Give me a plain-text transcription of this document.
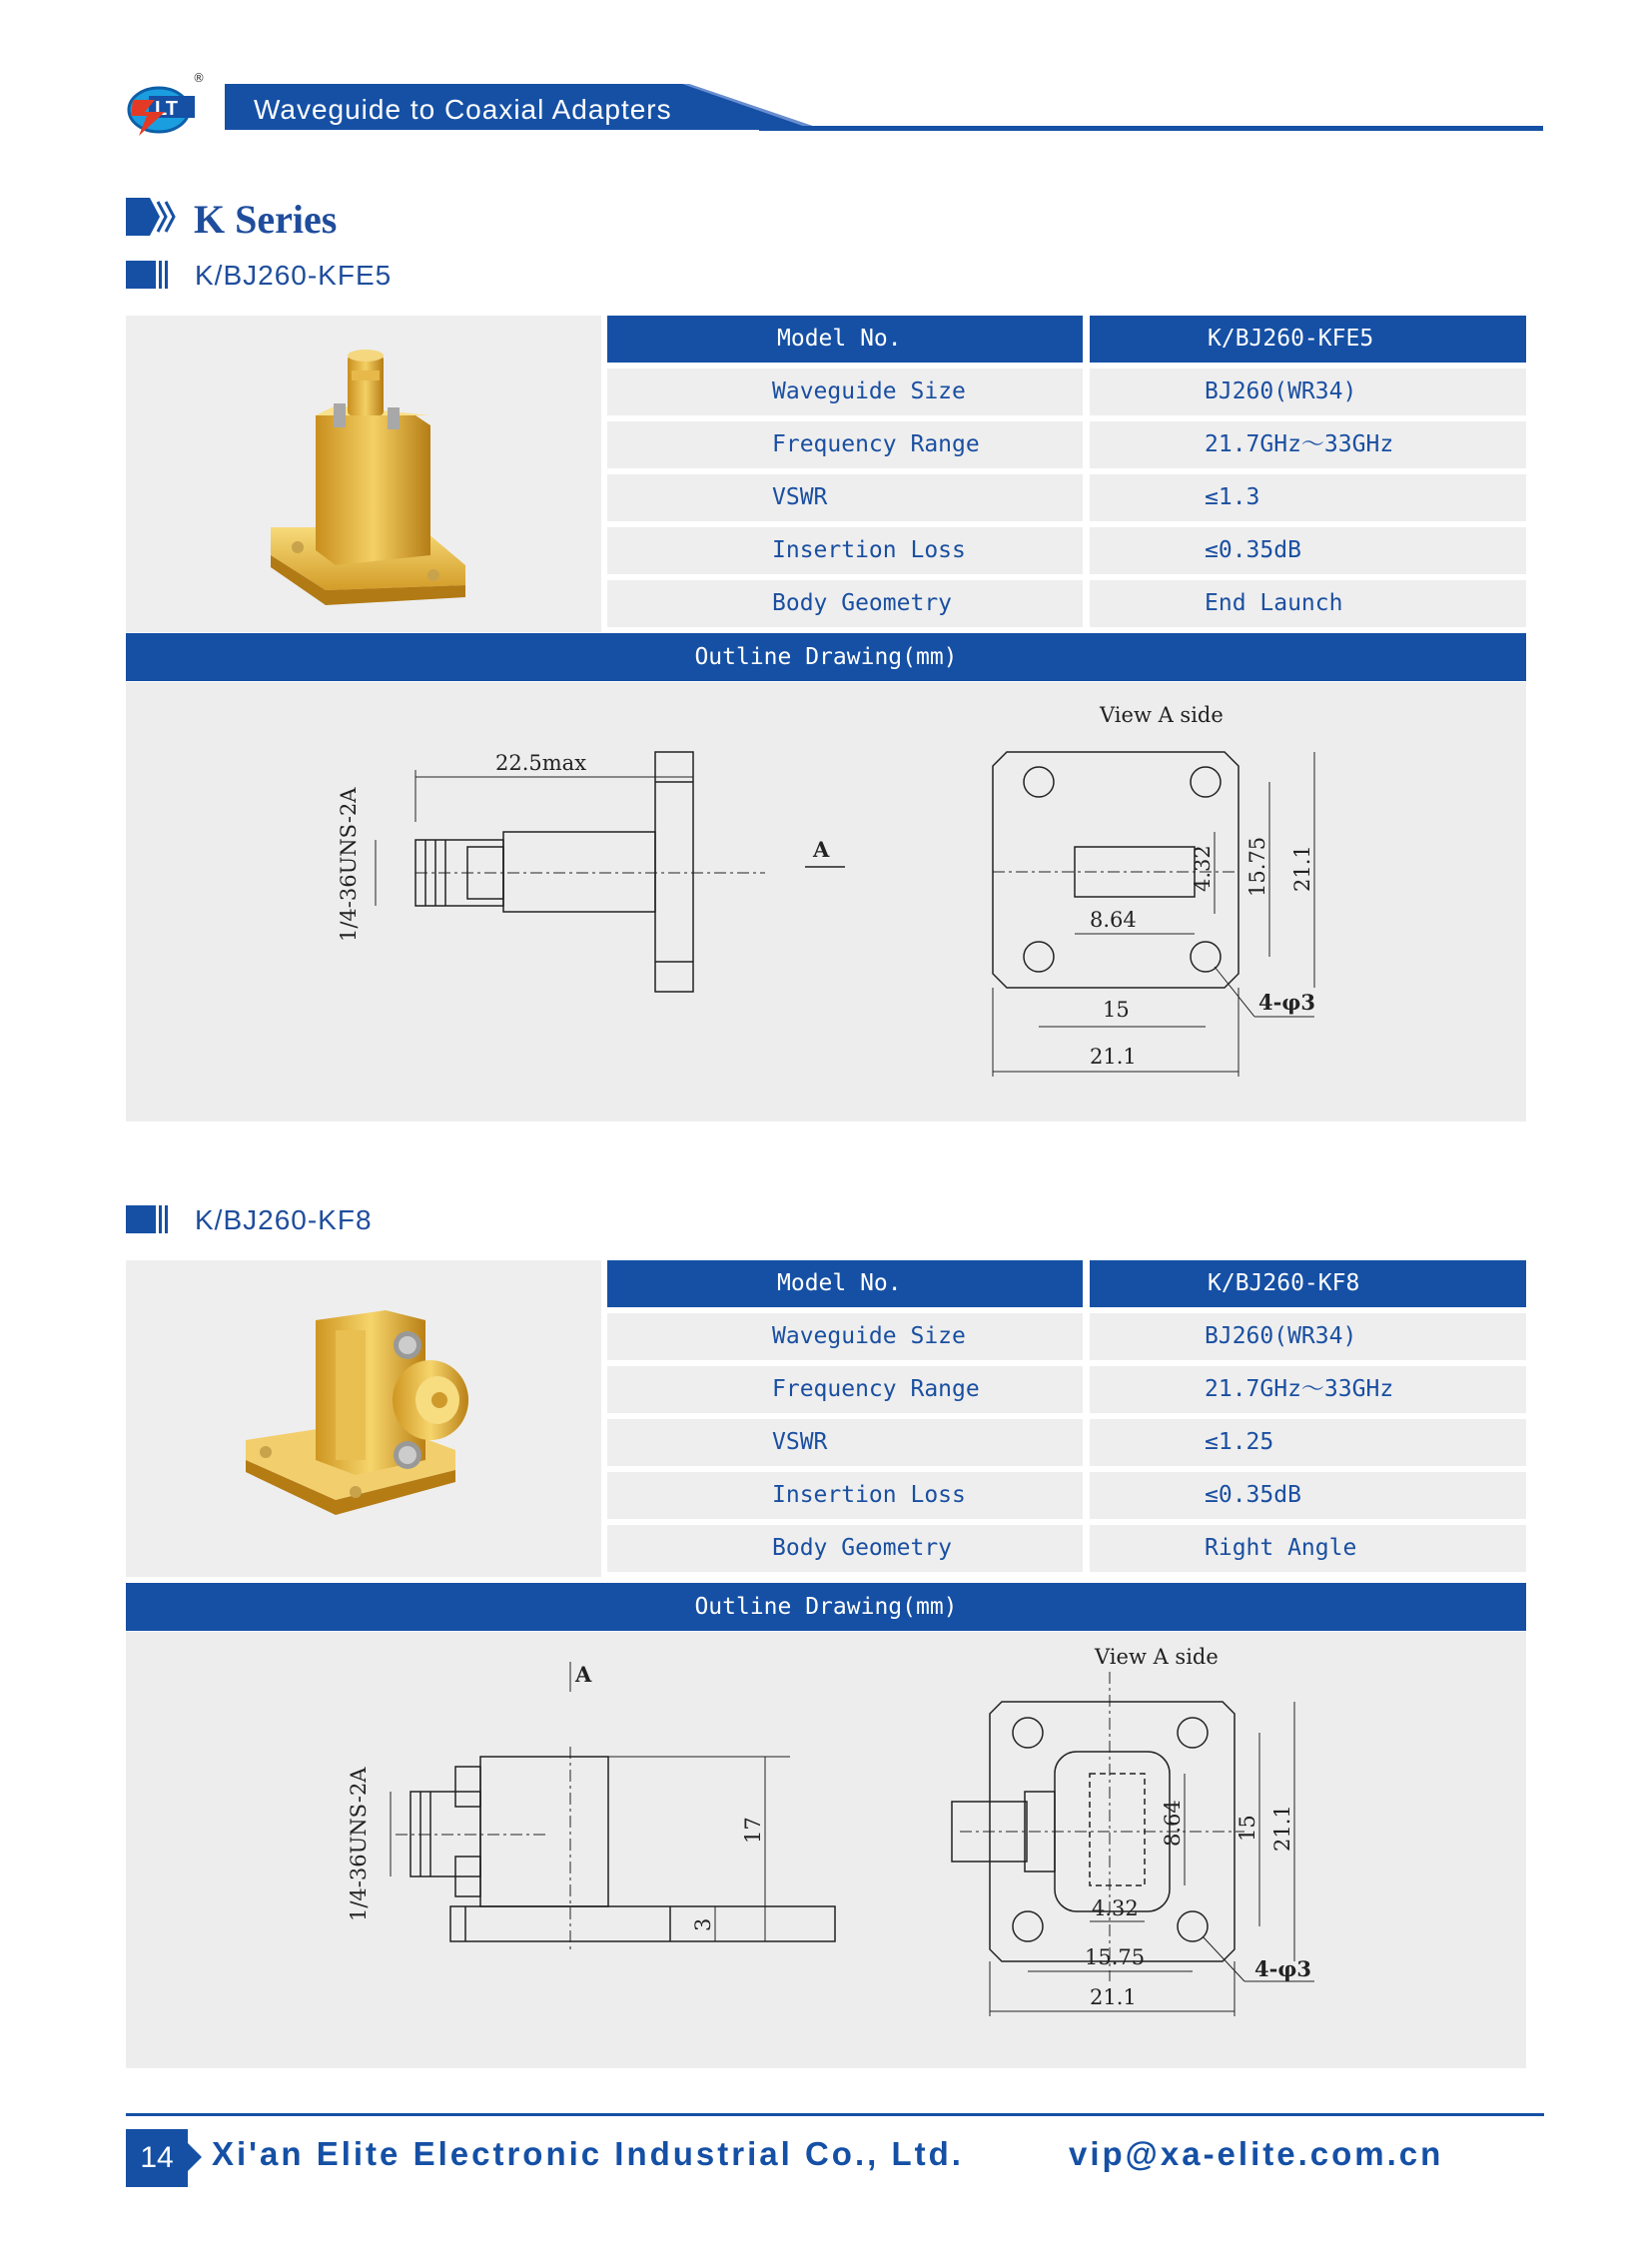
LT
®
Waveguide to Coaxial Adapters
K Series
K/BJ260-KFE5
Model No.	K/BJ260-KFE5
Waveguide Size	BJ260(WR34)
Frequency Range	21.7GHz～33GHz
VSWR	≤1.3
Insertion Loss	≤0.35dB
Body Geometry	End Launch
Outline Drawing(mm)
22.5max
1/4-36UNS-2A	A
View A side
4.32
8.64
15.75 21.1
15
21.1
4-φ3
K/BJ260-KF8
Model No.	K/BJ260-KF8
Waveguide Size	BJ260(WR34)
Frequency Range	21.7GHz～33GHz
VSWR	≤1.25
Insertion Loss	≤0.35dB
Body Geometry	Right Angle
Outline Drawing(mm)
A
1/4-36UNS-2A	17
3
View A side
8.64
4.32
15 21.1
15.75
21.1
4-φ3
14	Xi'an Elite Electronic Industrial Co., Ltd.	vip@xa-elite.com.cn
